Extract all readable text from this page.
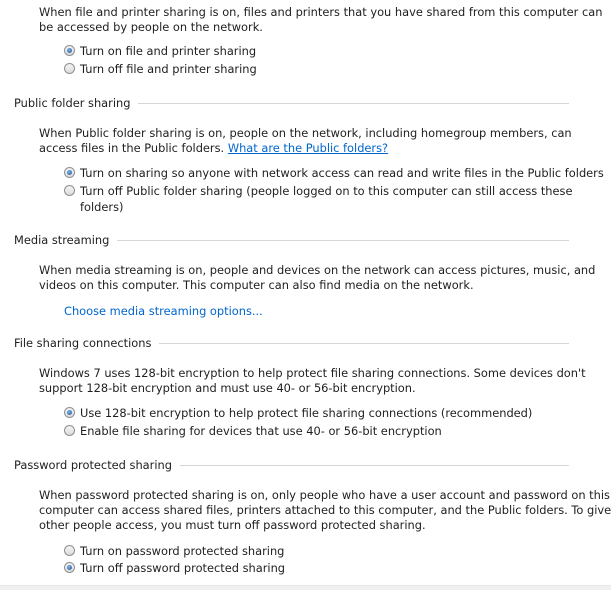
When file and printer sharing is on, files and printers that you have shared from this computer can
be accessed by people on the network.
Turn on file and printer sharing
Turn off file and printer sharing
Public folder sharing
When Public folder sharing is on, people on the network, including homegroup members, can
access files in the Public folders. What are the Public folders?
Turn on sharing so anyone with network access can read and write files in the Public folders
Turn off Public folder sharing (people logged on to this computer can still access these
folders)
Media streaming
When media streaming is on, people and devices on the network can access pictures, music, and
videos on this computer. This computer can also find media on the network.
Choose media streaming options...
File sharing connections
Windows 7 uses 128-bit encryption to help protect file sharing connections. Some devices don't
support 128-bit encryption and must use 40- or 56-bit encryption.
Use 128-bit encryption to help protect file sharing connections (recommended)
Enable file sharing for devices that use 40- or 56-bit encryption
Password protected sharing
When password protected sharing is on, only people who have a user account and password on this
computer can access shared files, printers attached to this computer, and the Public folders. To give
other people access, you must turn off password protected sharing.
Turn on password protected sharing
Turn off password protected sharing
